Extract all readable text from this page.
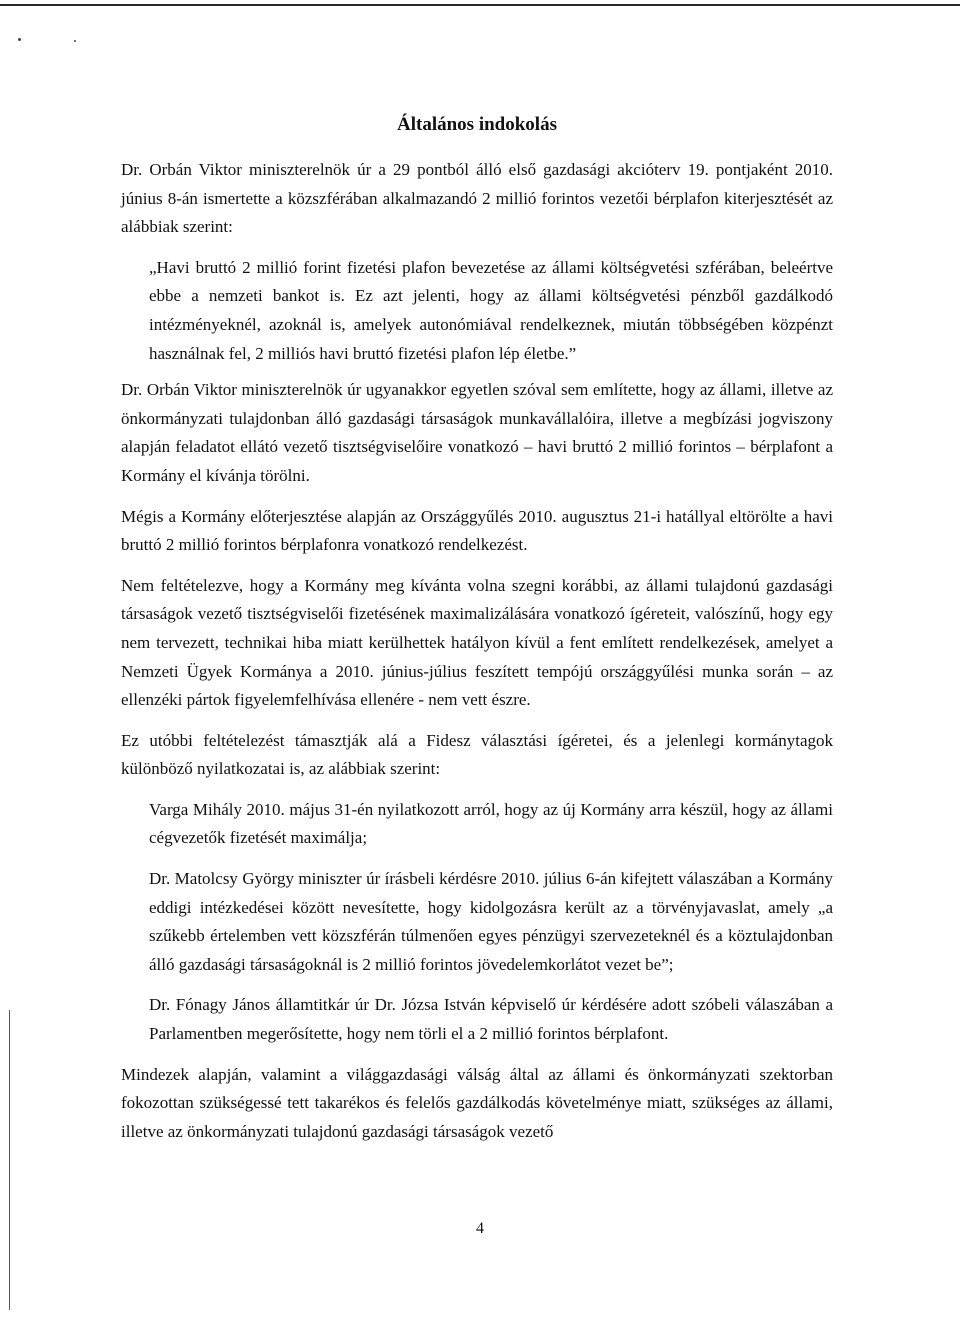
Általános indokolás

Dr. Orbán Viktor miniszterelnök úr a 29 pontból álló első gazdasági akcióterv 19. pontjaként 2010. június 8-án ismertette a közszférában alkalmazandó 2 millió forintos vezetői bérplafon kiterjesztését az alábbiak szerint:

„Havi bruttó 2 millió forint fizetési plafon bevezetése az állami költségvetési szférában, beleértve ebbe a nemzeti bankot is. Ez azt jelenti, hogy az állami költségvetési pénzből gazdálkodó intézményeknél, azoknál is, amelyek autonómiával rendelkeznek, miután többségében közpénzt használnak fel, 2 milliós havi bruttó fizetési plafon lép életbe.”

Dr. Orbán Viktor miniszterelnök úr ugyanakkor egyetlen szóval sem említette, hogy az állami, illetve az önkormányzati tulajdonban álló gazdasági társaságok munkavállalóira, illetve a megbízási jogviszony alapján feladatot ellátó vezető tisztségviselőire vonatkozó – havi bruttó 2 millió forintos – bérplafont a Kormány el kívánja törölni.

Mégis a Kormány előterjesztése alapján az Országgyűlés 2010. augusztus 21-i hatállyal eltörölte a havi bruttó 2 millió forintos bérplafonra vonatkozó rendelkezést.

Nem feltételezve, hogy a Kormány meg kívánta volna szegni korábbi, az állami tulajdonú gazdasági társaságok vezető tisztségviselői fizetésének maximalizálására vonatkozó ígéreteit, valószínű, hogy egy nem tervezett, technikai hiba miatt kerülhettek hatályon kívül a fent említett rendelkezések, amelyet a Nemzeti Ügyek Kormánya a 2010. június-július feszített tempójú országgyűlési munka során – az ellenzéki pártok figyelemfelhívása ellenére - nem vett észre.

Ez utóbbi feltételezést támasztják alá a Fidesz választási ígéretei, és a jelenlegi kormánytagok különböző nyilatkozatai is, az alábbiak szerint:

Varga Mihály 2010. május 31-én nyilatkozott arról, hogy az új Kormány arra készül, hogy az állami cégvezetők fizetését maximálja;

Dr. Matolcsy György miniszter úr írásbeli kérdésre 2010. július 6-án kifejtett válaszában a Kormány eddigi intézkedései között nevesítette, hogy kidolgozásra került az a törvényjavaslat, amely „a szűkebb értelemben vett közszférán túlmenően egyes pénzügyi szervezeteknél és a köztulajdonban álló gazdasági társaságoknál is 2 millió forintos jövedelemkorlátot vezet be”;

Dr. Fónagy János államtitkár úr Dr. Józsa István képviselő úr kérdésére adott szóbeli válaszában a Parlamentben megerősítette, hogy nem törli el a 2 millió forintos bérplafont.

Mindezek alapján, valamint a világgazdasági válság által az állami és önkormányzati szektorban fokozottan szükségessé tett takarékos és felelős gazdálkodás követelménye miatt, szükséges az állami, illetve az önkormányzati tulajdonú gazdasági társaságok vezető

4
